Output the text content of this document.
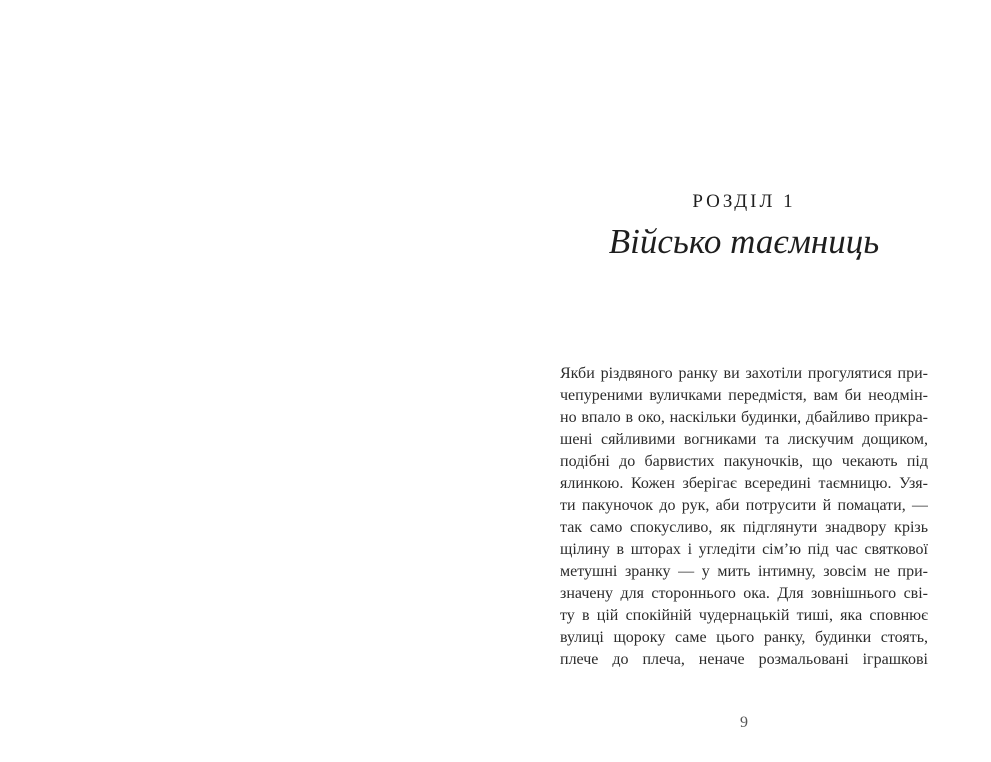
РОЗДІЛ 1
Військо таємниць
Якби різдвяного ранку ви захотіли прогулятися при-
чепуреними вуличками передмістя, вам би неодмін-
но впало в око, наскільки будинки, дбайливо прикра-
шені сяйливими вогниками та лискучим дощиком,
подібні до барвистих пакуночків, що чекають під
ялинкою. Кожен зберігає всередині таємницю. Узя-
ти пакуночок до рук, аби потрусити й помацати, —
так само спокусливо, як підглянути знадвору крізь
щілину в шторах і угледіти сім’ю під час святкової
метушні зранку — у мить інтимну, зовсім не при-
значену для стороннього ока. Для зовнішнього сві-
ту в цій спокійній чудернацькій тиші, яка сповнює
вулиці щороку саме цього ранку, будинки стоять,
плече до плеча, неначе розмальовані іграшкові
9
